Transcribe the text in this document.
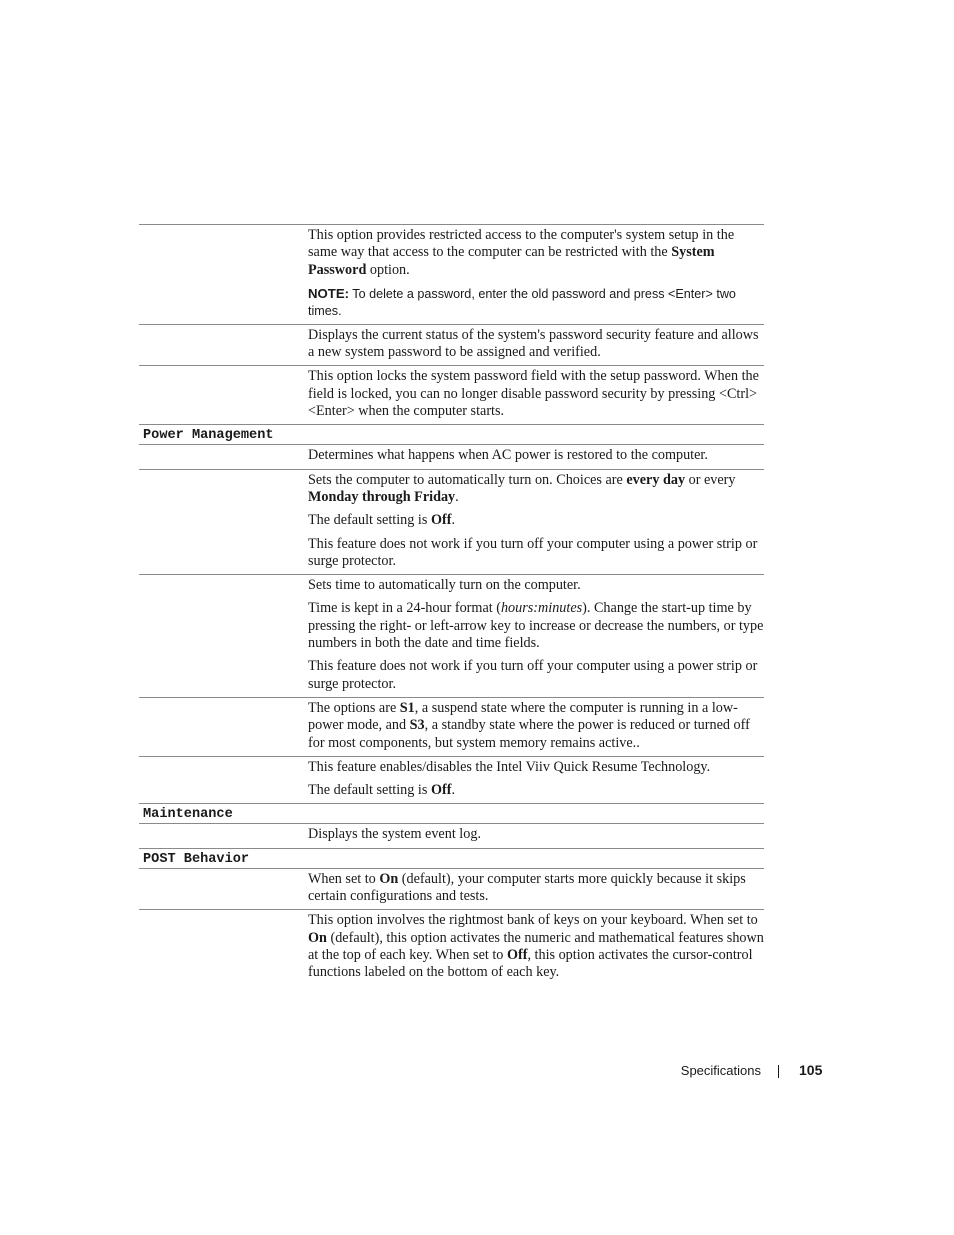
This option provides restricted access to the computer's system setup in the same way that access to the computer can be restricted with the System Password option.

NOTE: To delete a password, enter the old password and press <Enter> two times.

Displays the current status of the system's password security feature and allows a new system password to be assigned and verified.

This option locks the system password field with the setup password. When the field is locked, you can no longer disable password security by pressing <Ctrl><Enter> when the computer starts.

Power Management

Determines what happens when AC power is restored to the computer.

Sets the computer to automatically turn on. Choices are every day or every Monday through Friday.

The default setting is Off.

This feature does not work if you turn off your computer using a power strip or surge protector.

Sets time to automatically turn on the computer.

Time is kept in a 24-hour format (hours:minutes). Change the start-up time by pressing the right- or left-arrow key to increase or decrease the numbers, or type numbers in both the date and time fields.

This feature does not work if you turn off your computer using a power strip or surge protector.

The options are S1, a suspend state where the computer is running in a low-power mode, and S3, a standby state where the power is reduced or turned off for most components, but system memory remains active..

This feature enables/disables the Intel Viiv Quick Resume Technology.

The default setting is Off.

Maintenance

Displays the system event log.

POST Behavior

When set to On (default), your computer starts more quickly because it skips certain configurations and tests.

This option involves the rightmost bank of keys on your keyboard. When set to On (default), this option activates the numeric and mathematical features shown at the top of each key. When set to Off, this option activates the cursor-control functions labeled on the bottom of each key.

Specifications	105
